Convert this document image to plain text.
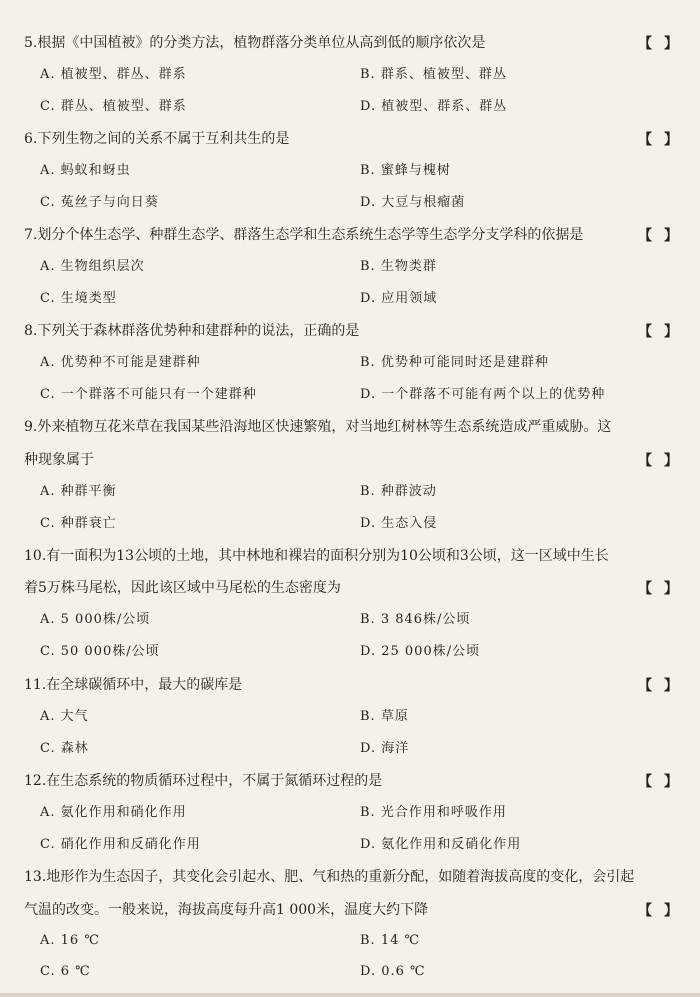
5.根据《中国植被》的分类方法，植物群落分类单位从高到低的顺序依次是	【 】
A. 植被型、群丛、群系	B. 群系、植被型、群丛
C. 群丛、植被型、群系	D. 植被型、群系、群丛
6.下列生物之间的关系不属于互利共生的是	【 】
A. 蚂蚁和蚜虫	B. 蜜蜂与槐树
C. 菟丝子与向日葵	D. 大豆与根瘤菌
7.划分个体生态学、种群生态学、群落生态学和生态系统生态学等生态学分支学科的依据是	【 】
A. 生物组织层次	B. 生物类群
C. 生境类型	D. 应用领域
8.下列关于森林群落优势种和建群种的说法，正确的是	【 】
A. 优势种不可能是建群种	B. 优势种可能同时还是建群种
C. 一个群落不可能只有一个建群种	D. 一个群落不可能有两个以上的优势种
9.外来植物互花米草在我国某些沿海地区快速繁殖，对当地红树林等生态系统造成严重威胁。这
种现象属于	【 】
A. 种群平衡	B. 种群波动
C. 种群衰亡	D. 生态入侵
10.有一面积为13公顷的土地，其中林地和裸岩的面积分别为10公顷和3公顷，这一区域中生长
着5万株马尾松，因此该区域中马尾松的生态密度为	【 】
A. 5 000株/公顷	B. 3 846株/公顷
C. 50 000株/公顷	D. 25 000株/公顷
11.在全球碳循环中，最大的碳库是	【 】
A. 大气	B. 草原
C. 森林	D. 海洋
12.在生态系统的物质循环过程中，不属于氮循环过程的是	【 】
A. 氨化作用和硝化作用	B. 光合作用和呼吸作用
C. 硝化作用和反硝化作用	D. 氨化作用和反硝化作用
13.地形作为生态因子，其变化会引起水、肥、气和热的重新分配，如随着海拔高度的变化，会引起
气温的改变。一般来说，海拔高度每升高1 000米，温度大约下降	【 】
A. 16 ℃	B. 14 ℃
C. 6 ℃	D. 0.6 ℃
